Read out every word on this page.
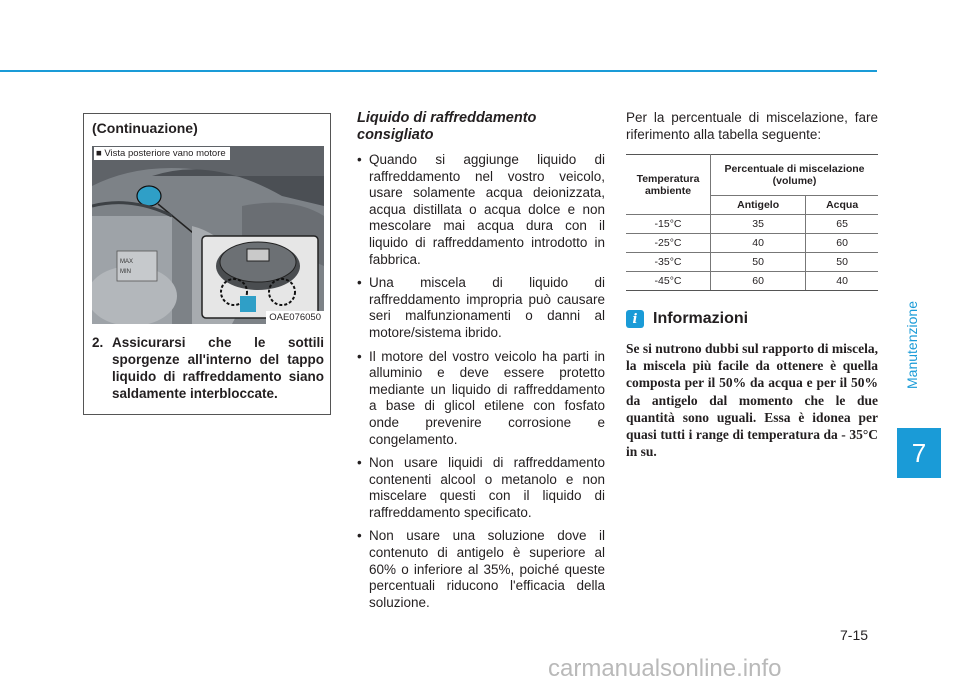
(Continuazione)
MAX
MIN
■ Vista posteriore vano motore
OAE076050
2. Assicurarsi che le sottili sporgenze all'interno del tappo liquido di raffreddamento siano saldamente interbloccate.
Liquido di raffreddamento consigliato
• Quando si aggiunge liquido di raffreddamento nel vostro veicolo, usare solamente acqua deionizzata, acqua distillata o acqua dolce e non mescolare mai acqua dura con il liquido di raffreddamento introdotto in fabbrica.
• Una miscela di liquido di raffreddamento impropria può causare seri malfunzionamenti o danni al motore/sistema ibrido.
• Il motore del vostro veicolo ha parti in alluminio e deve essere protetto mediante un liquido di raffreddamento a base di glicol etilene con fosfato onde prevenire corrosione e congelamento.
• Non usare liquidi di raffreddamento contenenti alcool o metanolo e non miscelare questi con il liquido di raffreddamento specificato.
• Non usare una soluzione dove il contenuto di antigelo è superiore al 60% o inferiore al 35%, poiché queste percentuali riducono l'efficacia della soluzione.

Per la percentuale di miscelazione, fare riferimento alla tabella seguente:

Temperatura ambiente	Percentuale di miscelazione (volume)	
	Antigelo	Acqua
-15°C	35	65
-25°C	40	60
-35°C	50	50
-45°C	60	40
i Informazioni

Se si nutrono dubbi sul rapporto di miscela, la miscela più facile da ottenere è quella composta per il 50% da acqua e per il 50% da antigelo dal momento che le due quantità sono uguali. Essa è idonea per quasi tutti i range di temperatura da - 35°C in su.

Manutenzione
7
7-15
carmanualsonline.info
